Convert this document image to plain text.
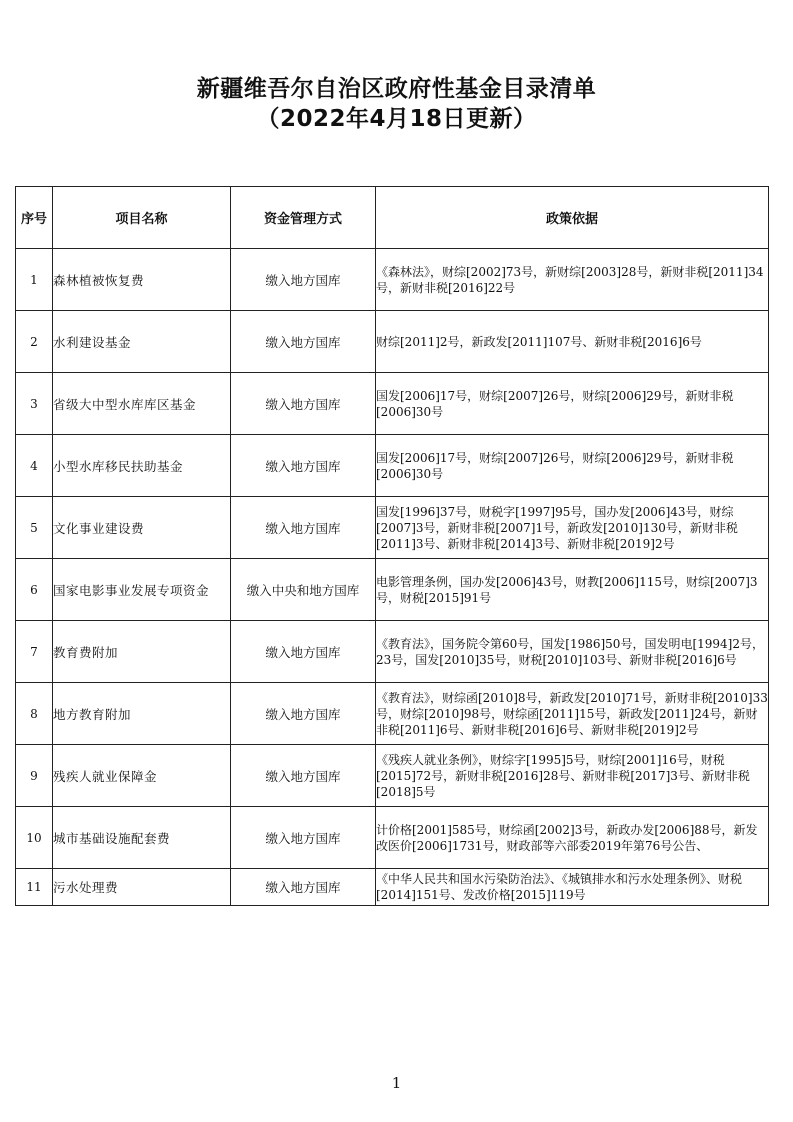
新疆维吾尔自治区政府性基金目录清单
（2022年4月18日更新）
序号	项目名称	资金管理方式	政策依据
1	森林植被恢复费	缴入地方国库	《森林法》，财综[2002]73号，新财综[2003]28号，新财非税[2011]34号，新财非税[2016]22号
2	水利建设基金	缴入地方国库	财综[2011]2号，新政发[2011]107号、新财非税[2016]6号
3	省级大中型水库库区基金	缴入地方国库	国发[2006]17号，财综[2007]26号，财综[2006]29号，新财非税[2006]30号
4	小型水库移民扶助基金	缴入地方国库	国发[2006]17号，财综[2007]26号，财综[2006]29号，新财非税[2006]30号
5	文化事业建设费	缴入地方国库	国发[1996]37号，财税字[1997]95号，国办发[2006]43号，财综[2007]3号，新财非税[2007]1号，新政发[2010]130号，新财非税[2011]3号、新财非税[2014]3号、新财非税[2019]2号
6	国家电影事业发展专项资金	缴入中央和地方国库	电影管理条例，国办发[2006]43号，财教[2006]115号，财综[2007]3号，财税[2015]91号
7	教育费附加	缴入地方国库	《教育法》，国务院令第60号，国发[1986]50号，国发明电[1994]2号，23号，国发[2010]35号，财税[2010]103号、新财非税[2016]6号
8	地方教育附加	缴入地方国库	《教育法》，财综函[2010]8号，新政发[2010]71号，新财非税[2010]33号，财综[2010]98号，财综函[2011]15号，新政发[2011]24号，新财非税[2011]6号、新财非税[2016]6号、新财非税[2019]2号
9	残疾人就业保障金	缴入地方国库	《残疾人就业条例》，财综字[1995]5号，财综[2001]16号，财税[2015]72号，新财非税[2016]28号、新财非税[2017]3号、新财非税[2018]5号
10	城市基础设施配套费	缴入地方国库	计价格[2001]585号，财综函[2002]3号，新政办发[2006]88号，新发改医价[2006]1731号，财政部等六部委2019年第76号公告、
11	污水处理费	缴入地方国库	《中华人民共和国水污染防治法》、《城镇排水和污水处理条例》、财税[2014]151号、发改价格[2015]119号
1
